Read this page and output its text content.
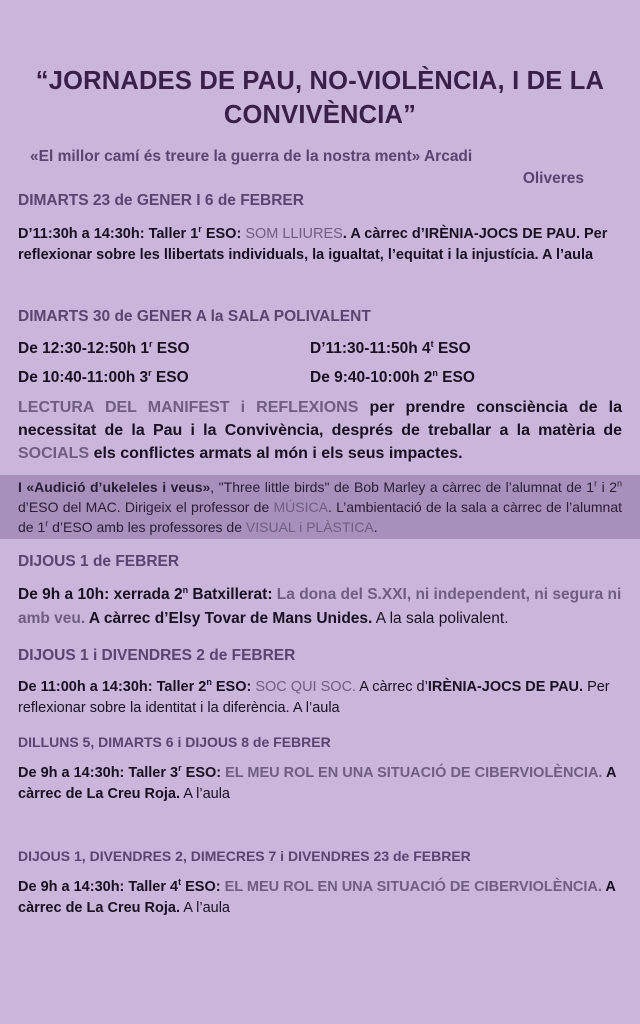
“JORNADES DE PAU, NO-VIOLÈNCIA, I DE LA CONVIVÈNCIA”
«El millor camí és treure la guerra de la nostra ment» Arcadi
Oliveres

DIMARTS 23 de GENER I 6 de FEBRER

D’11:30h a 14:30h: Taller 1$^r$ ESO: SOM LLIURES. A càrrec d’IRÈNIA-JOCS DE PAU. Per reflexionar sobre les llibertats individuals, la igualtat, l’equitat i la injustícia. A l’aula

DIMARTS 30 de GENER A la SALA POLIVALENT

De 12:30-12:50h 1$^r$ ESO	D’11:30-11:50h 4$^t$ ESO
De 10:40-11:00h 3$^r$ ESO	De 9:40-10:00h 2$^n$ ESO

LECTURA DEL MANIFEST i REFLEXIONS per prendre consciència de la necessitat de la Pau i la Convivència, després de treballar a la matèria de SOCIALS els conflictes armats al món i els seus impactes.

I «Audició d’ukeleles i veus», "Three little birds" de Bob Marley a càrrec de l’alumnat de 1$^r$ i 2$^n$ d’ESO del MAC. Dirigeix el professor de MÚSICA. L’ambientació de la sala a càrrec de l’alumnat de 1$^r$ d’ESO amb les professores de VISUAL i PLÀSTICA.

DIJOUS 1 de FEBRER

De 9h a 10h: xerrada 2$^n$ Batxillerat: La dona del S.XXI, ni independent, ni segura ni amb veu. A càrrec d’Elsy Tovar de Mans Unides. A la sala polivalent.

DIJOUS 1 i DIVENDRES 2 de FEBRER

De 11:00h a 14:30h: Taller 2$^n$ ESO: SOC QUI SOC. A càrrec d’IRÈNIA-JOCS DE PAU. Per reflexionar sobre la identitat i la diferència. A l’aula

DILLUNS 5, DIMARTS 6 i DIJOUS 8 de FEBRER

De 9h a 14:30h: Taller 3$^r$ ESO: EL MEU ROL EN UNA SITUACIÓ DE CIBERVIOLÈNCIA. A càrrec de La Creu Roja. A l’aula

DIJOUS 1, DIVENDRES 2, DIMECRES 7 i DIVENDRES 23 de FEBRER

De 9h a 14:30h: Taller 4$^t$ ESO: EL MEU ROL EN UNA SITUACIÓ DE CIBERVIOLÈNCIA. A càrrec de La Creu Roja. A l’aula
